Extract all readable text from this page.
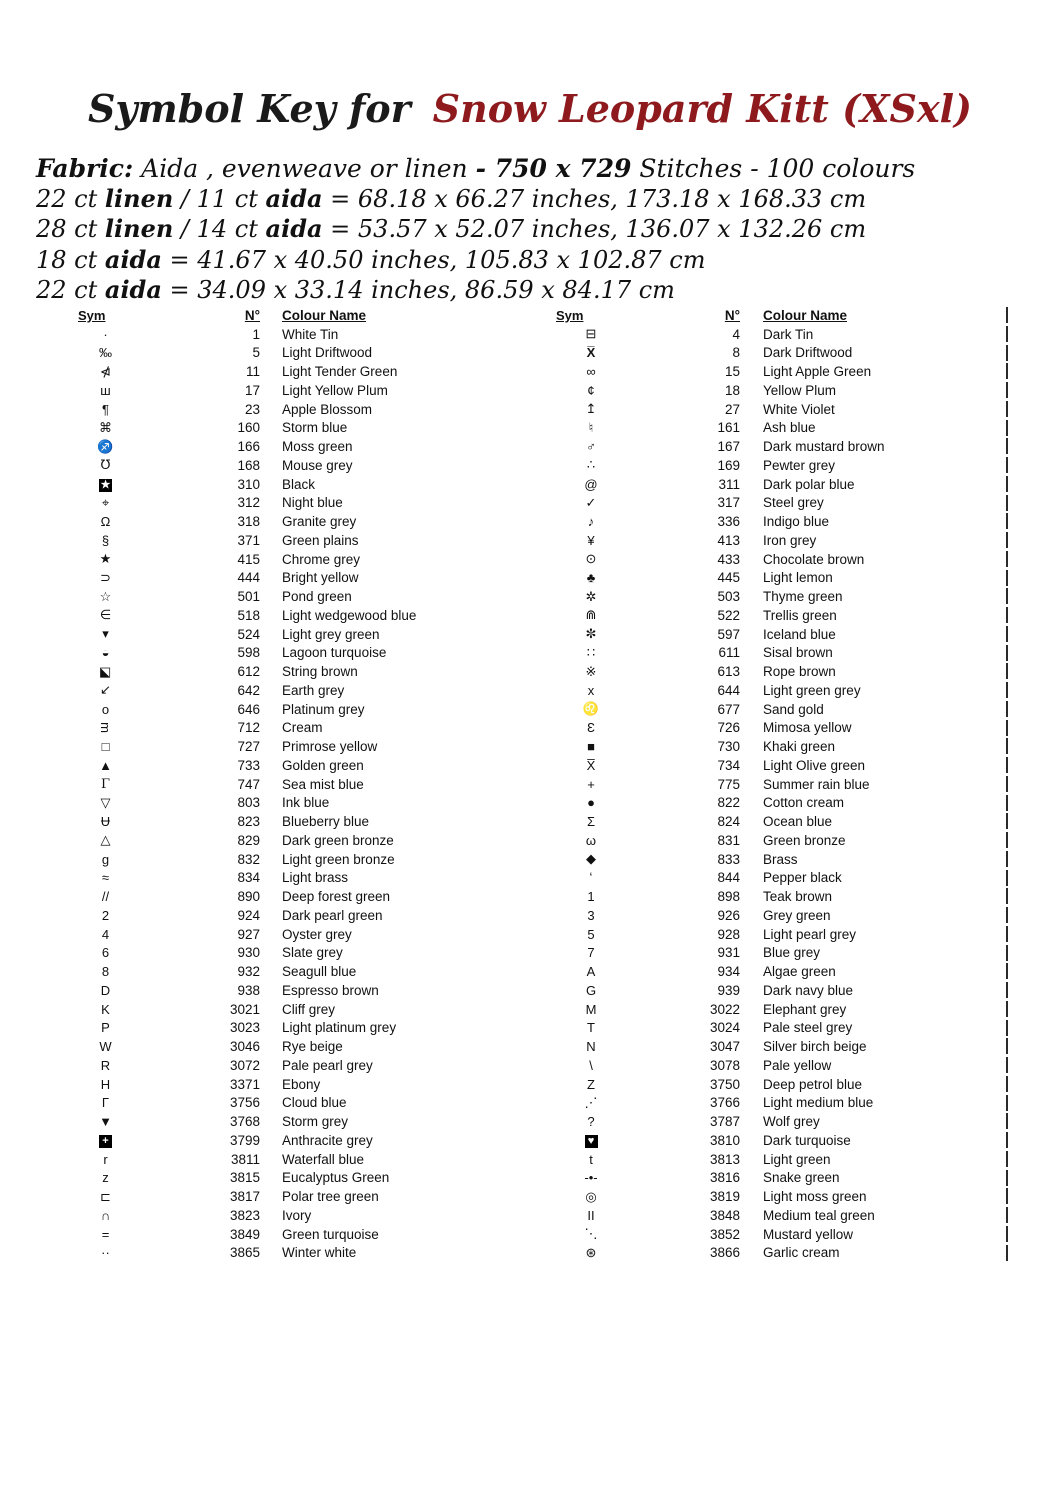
Symbol Key for Snow Leopard Kitt (XSxl)
Fabric: Aida , evenweave or linen - 750 x 729 Stitches - 100 colours
22 ct linen / 11 ct aida = 68.18 x 66.27 inches, 173.18 x 168.33 cm
28 ct linen / 14 ct aida = 53.57 x 52.07 inches, 136.07 x 132.26 cm
18 ct aida = 41.67 x 40.50 inches, 105.83 x 102.87 cm
22 ct aida = 34.09 x 33.14 inches, 86.59 x 84.17 cm
Sym	N°	Colour Name
·	1	White Tin
‰	5	Light Driftwood
⋪	11	Light Tender Green
ш	17	Light Yellow Plum
¶	23	Apple Blossom
⌘	160	Storm blue
♐	166	Moss green
℧	168	Mouse grey
★	310	Black
⌖	312	Night blue
Ω	318	Granite grey
§	371	Green plains
★	415	Chrome grey
⊃	444	Bright yellow
☆	501	Pond green
∈	518	Light wedgewood blue
▾	524	Light grey green
◒	598	Lagoon turquoise
◪	612	String brown
↙	642	Earth grey
o	646	Platinum grey
m	712	Cream
□	727	Primrose yellow
▲	733	Golden green
Γ	747	Sea mist blue
▽	803	Ink blue
Ʉ	823	Blueberry blue
△	829	Dark green bronze
g	832	Light green bronze
≈	834	Light brass
//	890	Deep forest green
2	924	Dark pearl green
4	927	Oyster grey
6	930	Slate grey
8	932	Seagull blue
D	938	Espresso brown
K	3021	Cliff grey
P	3023	Light platinum grey
W	3046	Rye beige
R	3072	Pale pearl grey
H	3371	Ebony
Γ	3756	Cloud blue
▼	3768	Storm grey
+	3799	Anthracite grey
r	3811	Waterfall blue
z	3815	Eucalyptus Green
⊏	3817	Polar tree green
∩	3823	Ivory
=	3849	Green turquoise
··	3865	Winter white
Sym	N°	Colour Name
⊟	4	Dark Tin
X̅	8	Dark Driftwood
∞	15	Light Apple Green
¢	18	Yellow Plum
↥	27	White Violet
♮	161	Ash blue
♂	167	Dark mustard brown
∴	169	Pewter grey
@	311	Dark polar blue
✓	317	Steel grey
♪	336	Indigo blue
¥	413	Iron grey
⊙	433	Chocolate brown
♣	445	Light lemon
✲	503	Thyme green
⋒	522	Trellis green
✼	597	Iceland blue
∷	611	Sisal brown
※	613	Rope brown
x	644	Light green grey
♌	677	Sand gold
Ɛ	726	Mimosa yellow
■	730	Khaki green
X̅	734	Light Olive green
+	775	Summer rain blue
●	822	Cotton cream
Σ	824	Ocean blue
ω	831	Green bronze
◆	833	Brass
ʻ	844	Pepper black
1	898	Teak brown
3	926	Grey green
5	928	Light pearl grey
7	931	Blue grey
A	934	Algae green
G	939	Dark navy blue
M	3022	Elephant grey
T	3024	Pale steel grey
N	3047	Silver birch beige
\	3078	Pale yellow
Z	3750	Deep petrol blue
⋰	3766	Light medium blue
?	3787	Wolf grey
♥	3810	Dark turquoise
t	3813	Light green
-•-	3816	Snake green
◎	3819	Light moss green
II	3848	Medium teal green
⋱	3852	Mustard yellow
⊛	3866	Garlic cream
